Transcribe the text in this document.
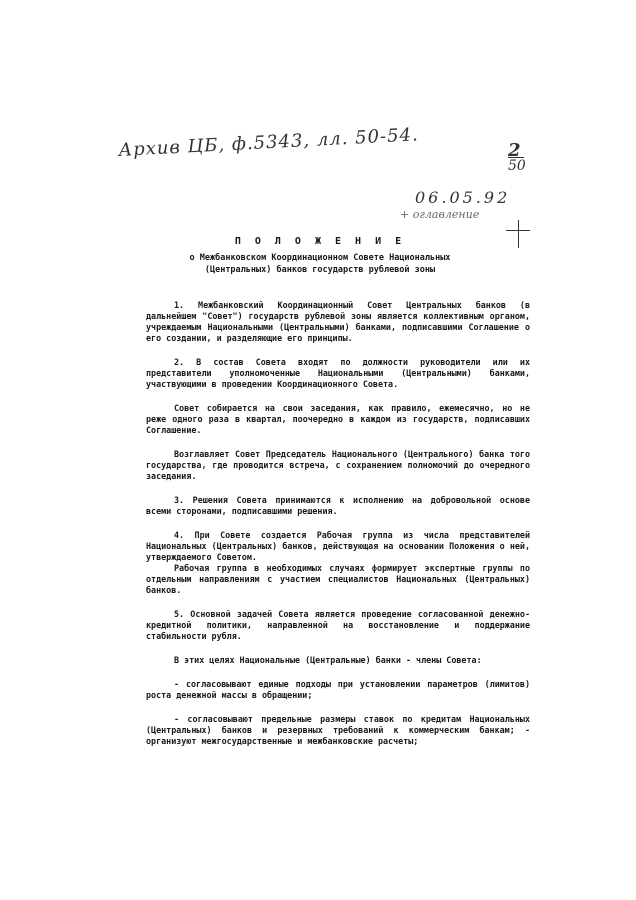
Архив ЦБ, ф.5343, лл. 50-54.	2
50
06.05.92
+ оглавление
П О Л О Ж Е Н И Е
о Межбанковском Координационном Совете Национальных
(Центральных) банков государств рублевой зоны

1. Межбанковский Координационный Совет Центральных банков (в дальнейшем "Совет") государств рублевой зоны является коллективным органом, учреждаемым Национальными (Центральными) банками, подписавшими Соглашение о его создании, и разделяющие его принципы.

2. В состав Совета входят по должности руководители или их представители уполномоченные Национальными (Центральными) банками, участвующими в проведении Координационного Совета.

Совет собирается на свои заседания, как правило, ежемесячно, но не реже одного раза в квартал, поочередно в каждом из государств, подписавших Соглашение.

Возглавляет Совет Председатель Национального (Центрального) банка того государства, где проводится встреча, с сохранением полномочий до очередного заседания.

3. Решения Совета принимаются к исполнению на добровольной основе всеми сторонами, подписавшими решения.

4. При Совете создается Рабочая группа из числа представителей Национальных (Центральных) банков, действующая на основании Положения о ней, утверждаемого Советом.

Рабочая группа в необходимых случаях формирует экспертные группы по отдельным направлениям с участием специалистов Национальных (Центральных) банков.

5. Основной задачей Совета является проведение согласованной денежно-кредитной политики, направленной на восстановление и поддержание стабильности рубля.

В этих целях Национальные (Центральные) банки - члены Совета:

- согласовывают единые подходы при установлении параметров (лимитов) роста денежной массы в обращении;

- согласовывают предельные размеры ставок по кредитам Национальных (Центральных) банков и резервных требований к коммерческим банкам; - организуют межгосударственные и межбанковские расчеты;
